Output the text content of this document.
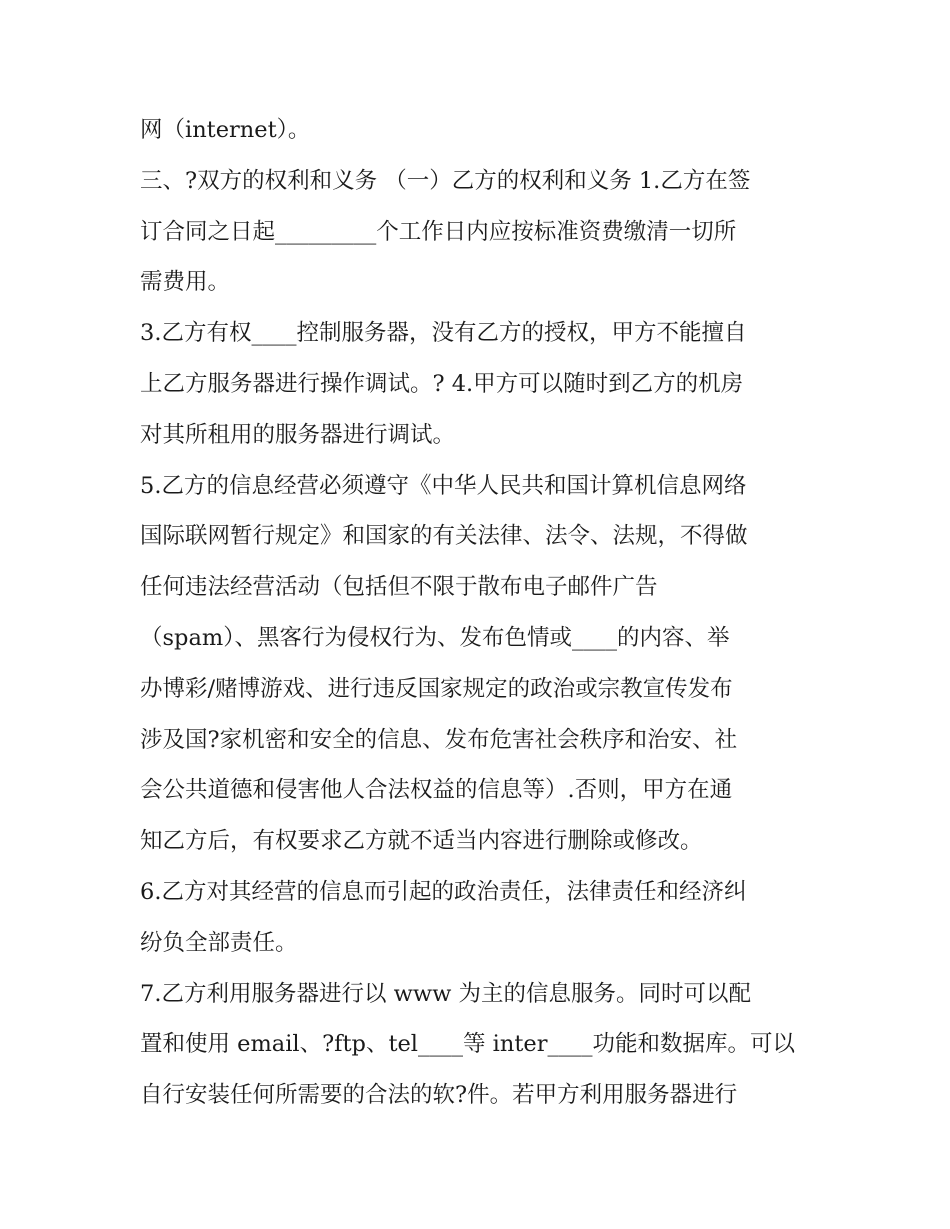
网（internet）。
三、?双方的权利和义务 （一）乙方的权利和义务 1.乙方在签
订合同之日起_________个工作日内应按标准资费缴清一切所
需费用。
3.乙方有权____控制服务器，没有乙方的授权，甲方不能擅自
上乙方服务器进行操作调试。? 4.甲方可以随时到乙方的机房
对其所租用的服务器进行调试。
5.乙方的信息经营必须遵守《中华人民共和国计算机信息网络
国际联网暂行规定》和国家的有关法律、法令、法规，不得做
任何违法经营活动（包括但不限于散布电子邮件广告
（spam）、黑客行为侵权行为、发布色情或____的内容、举
办博彩/赌博游戏、进行违反国家规定的政治或宗教宣传发布
涉及国?家机密和安全的信息、发布危害社会秩序和治安、社
会公共道德和侵害他人合法权益的信息等）.否则，甲方在通
知乙方后，有权要求乙方就不适当内容进行删除或修改。
6.乙方对其经营的信息而引起的政治责任，法律责任和经济纠
纷负全部责任。
7.乙方利用服务器进行以 www 为主的信息服务。同时可以配
置和使用 email、?ftp、tel____等 inter____功能和数据库。可以
自行安装任何所需要的合法的软?件。若甲方利用服务器进行
